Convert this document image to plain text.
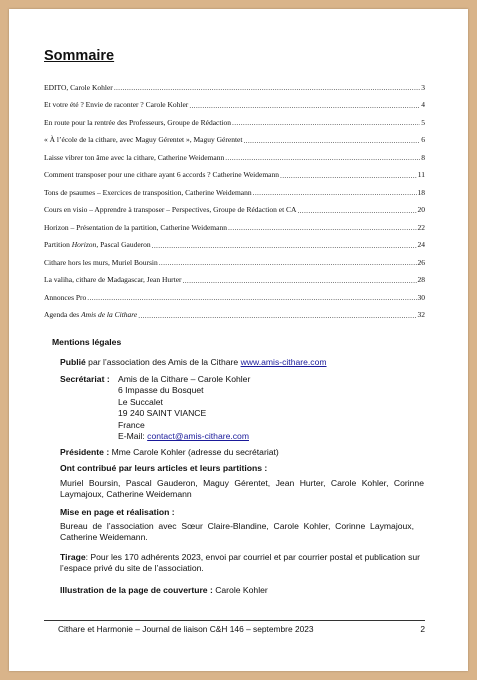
Sommaire
EDITO, Carole Kohler .....	3
Et votre été ? Envie de raconter ? Carole Kohler .....	4
En route pour la rentrée des Professeurs, Groupe de Rédaction .....	5
« À l’école de la cithare, avec Maguy Gérentet », Maguy Gérentet .....	6
Laisse vibrer ton âme avec la cithare, Catherine Weidemann .....	8
Comment transposer pour une cithare ayant 6 accords ? Catherine Weidemann .....	11
Tons de psaumes – Exercices de transposition, Catherine Weidemann .....	18
Cours en visio – Apprendre à transposer – Perspectives, Groupe de Rédaction et CA .....	20
Horizon – Présentation de la partition, Catherine Weidemann .....	22
Partition Horizon, Pascal Gauderon .....	24
Cithare hors les murs, Muriel Boursin .....	26
La valiha, cithare de Madagascar, Jean Hurter .....	28
Annonces Pro .....	30
Agenda des Amis de la Cithare .....	32
Mentions légales
Publié par l’association des Amis de la Cithare www.amis-cithare.com
Secrétariat : Amis de la Cithare – Carole Kohler
6 Impasse du Bosquet
Le Succalet
19 240 SAINT VIANCE
France
E-Mail: contact@amis-cithare.com
Présidente : Mme Carole Kohler (adresse du secrétariat)
Ont contribué par leurs articles et leurs partitions :
Muriel Boursin, Pascal Gauderon, Maguy Gérentet, Jean Hurter, Carole Kohler, Corinne Laymajoux, Catherine Weidemann
Mise en page et réalisation :
Bureau de l’association avec Sœur Claire-Blandine, Carole Kohler, Corinne Laymajoux, Catherine Weidemann.
Tirage: Pour les 170 adhérents 2023, envoi par courriel et par courrier postal et publication sur l’espace privé du site de l’association.
Illustration de la page de couverture : Carole Kohler
Cithare et Harmonie – Journal de liaison C&H 146 – septembre 2023	2
